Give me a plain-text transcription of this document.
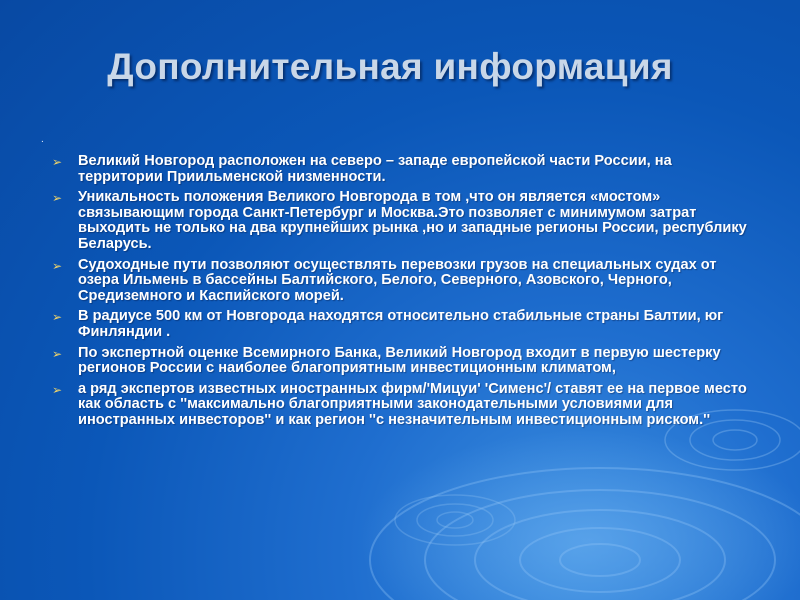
Дополнительная информация
.
➢	Великий Новгород расположен на северо – западе европейской части России, на территории Приильменской низменности.
➢	Уникальность положения Великого Новгорода в том ,что он является «мостом» связывающим города Санкт-Петербург и Москва.Это позволяет с минимумом затрат выходить не только на два крупнейших рынка ,но и западные регионы России, республику Беларусь.
➢	Судоходные пути позволяют осуществлять перевозки грузов на специальных судах от озера Ильмень в бассейны Балтийского, Белого, Северного, Азовского, Черного, Средиземного и Каспийского морей.
➢	В радиусе 500 км от Новгорода находятся относительно стабильные страны Балтии, юг Финляндии .
➢	По экспертной оценке Всемирного Банка, Великий Новгород входит в первую шестерку регионов России с наиболее благоприятным инвестиционным климатом,
➢	а ряд экспертов известных иностранных фирм/'Мицуи' 'Сименс'/ ставят ее на первое место как область с ''максимально благоприятными законодательными условиями для иностранных инвесторов'' и как регион ''с незначительным инвестиционным риском.''
